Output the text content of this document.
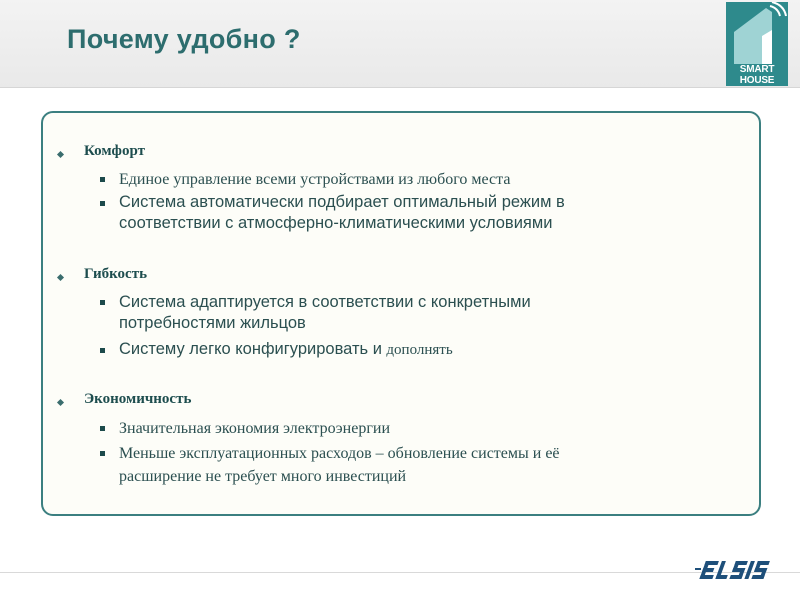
Почему удобно ?
SMART
HOUSE
Комфорт

Единое управление всеми устройствами из любого места

Система автоматически подбирает оптимальный режим в
соответствии с атмосферно-климатическими условиями
Гибкость
Система адаптируется в соответствии с конкретными
потребностями жильцов
Систему легко конфигурировать и дополнять
Экономичность

Значительная экономия электроэнергии

Меньше эксплуатационных расходов – обновление системы и её
расширение не требует много инвестиций
